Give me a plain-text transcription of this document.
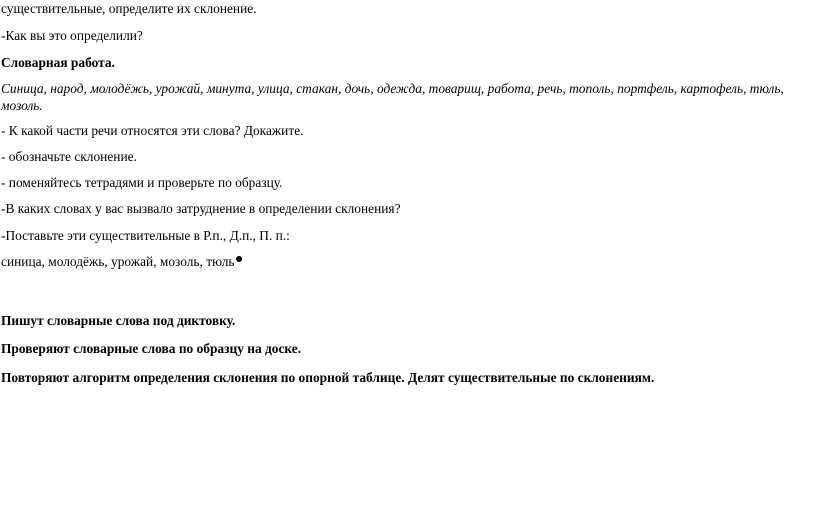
существительные, определите их склонение.
-Как вы это определили?
Словарная работа.
Синица, народ, молодёжь, урожай, минута, улица, стакан, дочь, одежда, товарищ, работа, речь, тополь, портфель, картофель, тюль, мозоль.
- К какой части речи относятся эти слова? Докажите.
- обозначьте склонение.
- поменяйтесь тетрадями и проверьте по образцу.
-В каких словах у вас вызвало затруднение в определении склонения?
-Поставьте эти существительные в Р.п., Д.п., П. п.:
синица, молодёжь, урожай, мозоль, тюль
Пишут словарные слова под диктовку.
Проверяют словарные слова по образцу на доске.
Повторяют алгоритм определения склонения по опорной таблице. Делят существительные по склонениям.
